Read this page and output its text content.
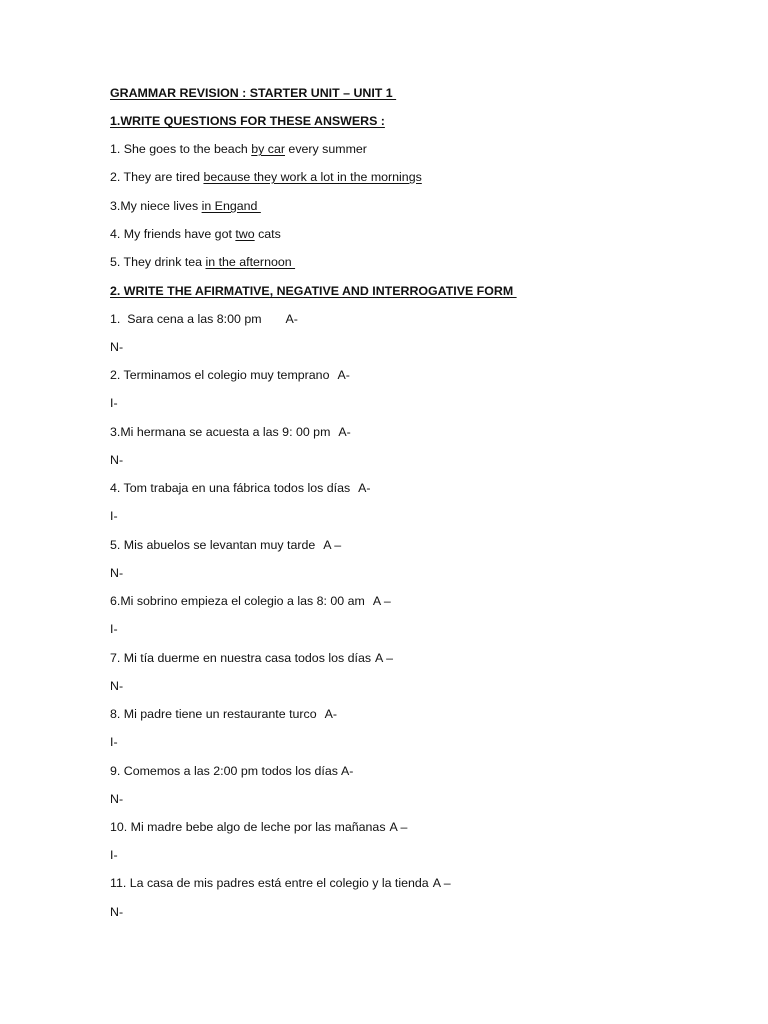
GRAMMAR REVISION : STARTER UNIT – UNIT 1
1.WRITE QUESTIONS FOR THESE ANSWERS :
1. She goes to the beach by car every summer
2. They are tired because they work a lot in the mornings
3.My niece lives in Engand
4. My friends have got two cats
5. They drink tea in the afternoon
2. WRITE THE AFIRMATIVE, NEGATIVE AND INTERROGATIVE FORM
1.  Sara cena a las 8:00 pm A-
N-
2. Terminamos el colegio muy temprano A-
I-
3.Mi hermana se acuesta a las 9: 00 pm A-
N-
4. Tom trabaja en una fábrica todos los días A-
I-
5. Mis abuelos se levantan muy tarde A –
N-
6.Mi sobrino empieza el colegio a las 8: 00 am A –
I-
7. Mi tía duerme en nuestra casa todos los días A –
N-
8. Mi padre tiene un restaurante turco A-
I-
9. Comemos a las 2:00 pm todos los días A-
N-
10. Mi madre bebe algo de leche por las mañanas A –
I-
11. La casa de mis padres está entre el colegio y la tienda A –
N-
